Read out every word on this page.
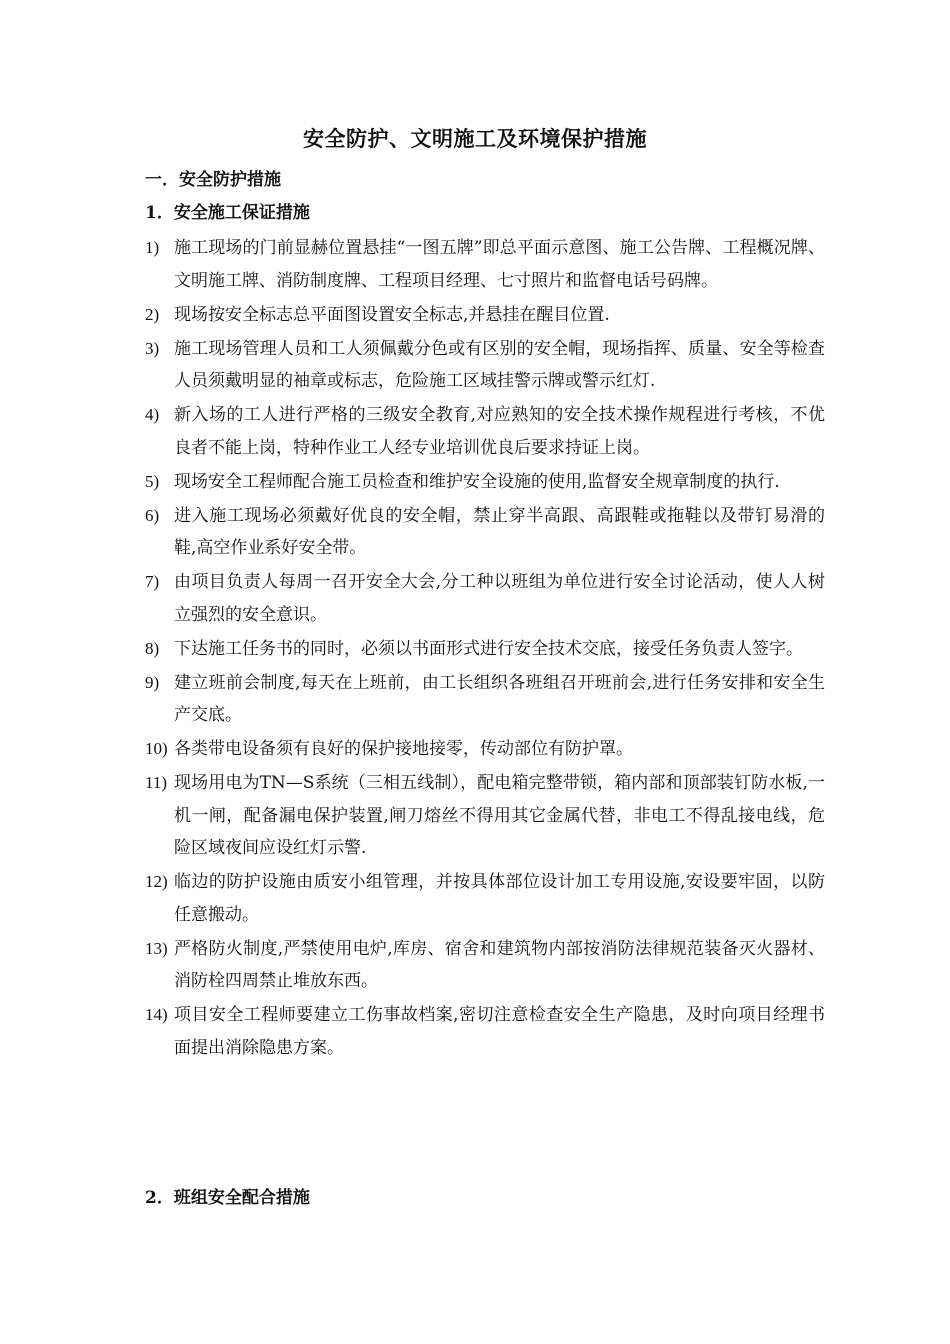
安全防护、文明施工及环境保护措施
一．安全防护措施
1．安全施工保证措施
1) 施工现场的门前显赫位置悬挂“一图五牌”即总平面示意图、施工公告牌、工程概况牌、文明施工牌、消防制度牌、工程项目经理、七寸照片和监督电话号码牌。
2) 现场按安全标志总平面图设置安全标志,并悬挂在醒目位置.
3) 施工现场管理人员和工人须佩戴分色或有区别的安全帽，现场指挥、质量、安全等检查人员须戴明显的袖章或标志，危险施工区域挂警示牌或警示红灯.
4) 新入场的工人进行严格的三级安全教育,对应熟知的安全技术操作规程进行考核，不优良者不能上岗，特种作业工人经专业培训优良后要求持证上岗。
5) 现场安全工程师配合施工员检查和维护安全设施的使用,监督安全规章制度的执行.
6) 进入施工现场必须戴好优良的安全帽，禁止穿半高跟、高跟鞋或拖鞋以及带钉易滑的鞋,高空作业系好安全带。
7) 由项目负责人每周一召开安全大会,分工种以班组为单位进行安全讨论活动，使人人树立强烈的安全意识。
8) 下达施工任务书的同时，必须以书面形式进行安全技术交底，接受任务负责人签字。
9) 建立班前会制度,每天在上班前，由工长组织各班组召开班前会,进行任务安排和安全生产交底。
10) 各类带电设备须有良好的保护接地接零，传动部位有防护罩。
11) 现场用电为TN—S系统（三相五线制），配电箱完整带锁，箱内部和顶部装钉防水板,一机一闸，配备漏电保护装置,闸刀熔丝不得用其它金属代替，非电工不得乱接电线，危险区域夜间应设红灯示警.
12) 临边的防护设施由质安小组管理，并按具体部位设计加工专用设施,安设要牢固，以防任意搬动。
13) 严格防火制度,严禁使用电炉,库房、宿舍和建筑物内部按消防法律规范装备灭火器材、消防栓四周禁止堆放东西。
14) 项目安全工程师要建立工伤事故档案,密切注意检查安全生产隐患，及时向项目经理书面提出消除隐患方案。
2．班组安全配合措施
